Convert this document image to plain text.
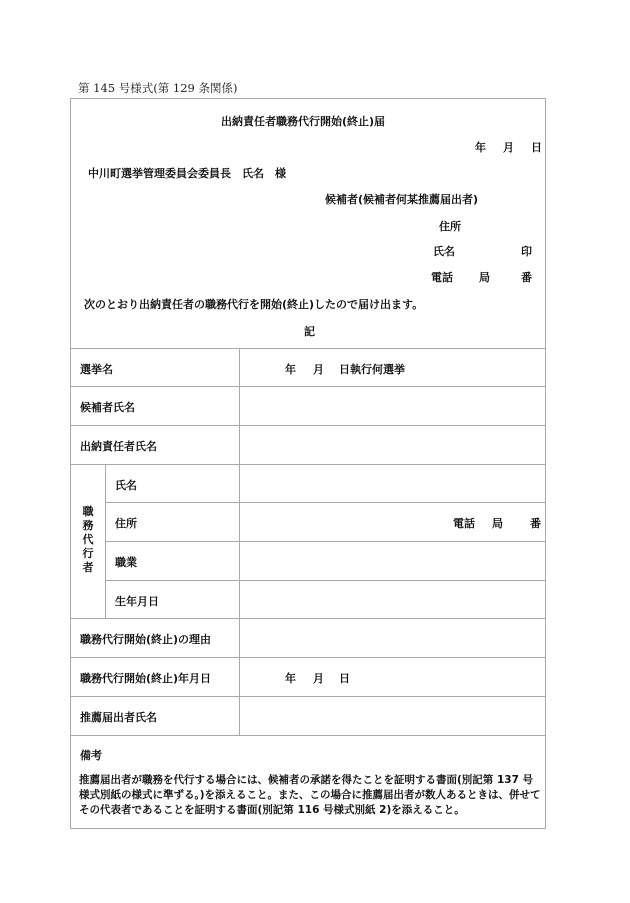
第 145 号様式(第 129 条関係)
出納責任者職務代行開始(終止)届
年 月 日
中川町選挙管理委員会委員長　氏名　様
候補者(候補者何某推薦届出者)
住所
氏名	印
電話 局	番
次のとおり出納責任者の職務代行を開始(終止)したので届け出ます。
記
選挙名	年 月 日執行何選挙
候補者氏名
出納責任者氏名
職務代行者
氏名
住所	電話 局 番
職業
生年月日
職務代行開始(終止)の理由
職務代行開始(終止)年月日	年 月 日
推薦届出者氏名
備考
推薦届出者が職務を代行する場合には、候補者の承諾を得たことを証明する書面(別記第 137 号様式別紙の様式に準ずる。)を添えること。また、この場合に推薦届出者が数人あるときは、併せてその代表者であることを証明する書面(別記第 116 号様式別紙 2)を添えること。
